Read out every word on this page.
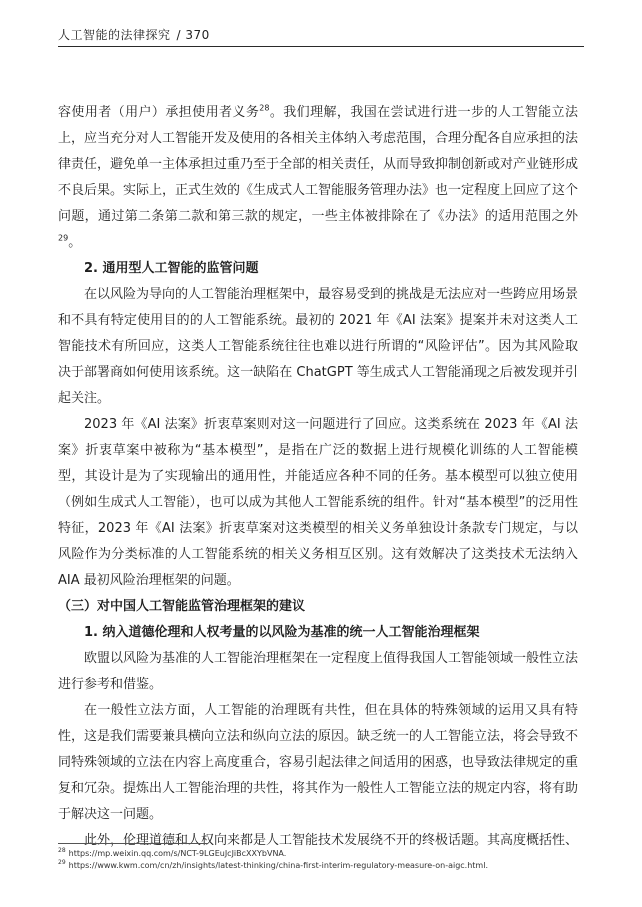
人工智能的法律探究 / 370

容使用者（用户）承担使用者义务$^{28}$。我们理解，我国在尝试进行进一步的人工智能立法上，应当充分对人工智能开发及使用的各相关主体纳入考虑范围，合理分配各自应承担的法律责任，避免单一主体承担过重乃至于全部的相关责任，从而导致抑制创新或对产业链形成不良后果。实际上，正式生效的《生成式人工智能服务管理办法》也一定程度上回应了这个问题，通过第二条第二款和第三款的规定，一些主体被排除在了《办法》的适用范围之外$^{29}$。

2. 通用型人工智能的监管问题

在以风险为导向的人工智能治理框架中，最容易受到的挑战是无法应对一些跨应用场景和不具有特定使用目的的人工智能系统。最初的 2021 年《AI 法案》提案并未对这类人工智能技术有所回应，这类人工智能系统往往也难以进行所谓的“风险评估”。因为其风险取决于部署商如何使用该系统。这一缺陷在 ChatGPT 等生成式人工智能涌现之后被发现并引起关注。

2023 年《AI 法案》折衷草案则对这一问题进行了回应。这类系统在 2023 年《AI 法案》折衷草案中被称为“基本模型”，是指在广泛的数据上进行规模化训练的人工智能模型，其设计是为了实现输出的通用性，并能适应各种不同的任务。基本模型可以独立使用（例如生成式人工智能），也可以成为其他人工智能系统的组件。针对“基本模型”的泛用性特征，2023 年《AI 法案》折衷草案对这类模型的相关义务单独设计条款专门规定，与以风险作为分类标准的人工智能系统的相关义务相互区别。这有效解决了这类技术无法纳入 AIA 最初风险治理框架的问题。

（三）对中国人工智能监管治理框架的建议

1. 纳入道德伦理和人权考量的以风险为基准的统一人工智能治理框架

欧盟以风险为基准的人工智能治理框架在一定程度上值得我国人工智能领域一般性立法进行参考和借鉴。

在一般性立法方面，人工智能的治理既有共性，但在具体的特殊领域的运用又具有特性，这是我们需要兼具横向立法和纵向立法的原因。缺乏统一的人工智能立法，将会导致不同特殊领域的立法在内容上高度重合，容易引起法律之间适用的困惑，也导致法律规定的重复和冗杂。提炼出人工智能治理的共性，将其作为一般性人工智能立法的规定内容，将有助于解决这一问题。

此外，伦理道德和人权向来都是人工智能技术发展绕不开的终极话题。其高度概括性、

$^{28}$ https://mp.weixin.qq.com/s/NCT-9LGEuJcJiBcXXYbVNA.
$^{29}$ https://www.kwm.com/cn/zh/insights/latest-thinking/china-first-interim-regulatory-measure-on-aigc.html.
